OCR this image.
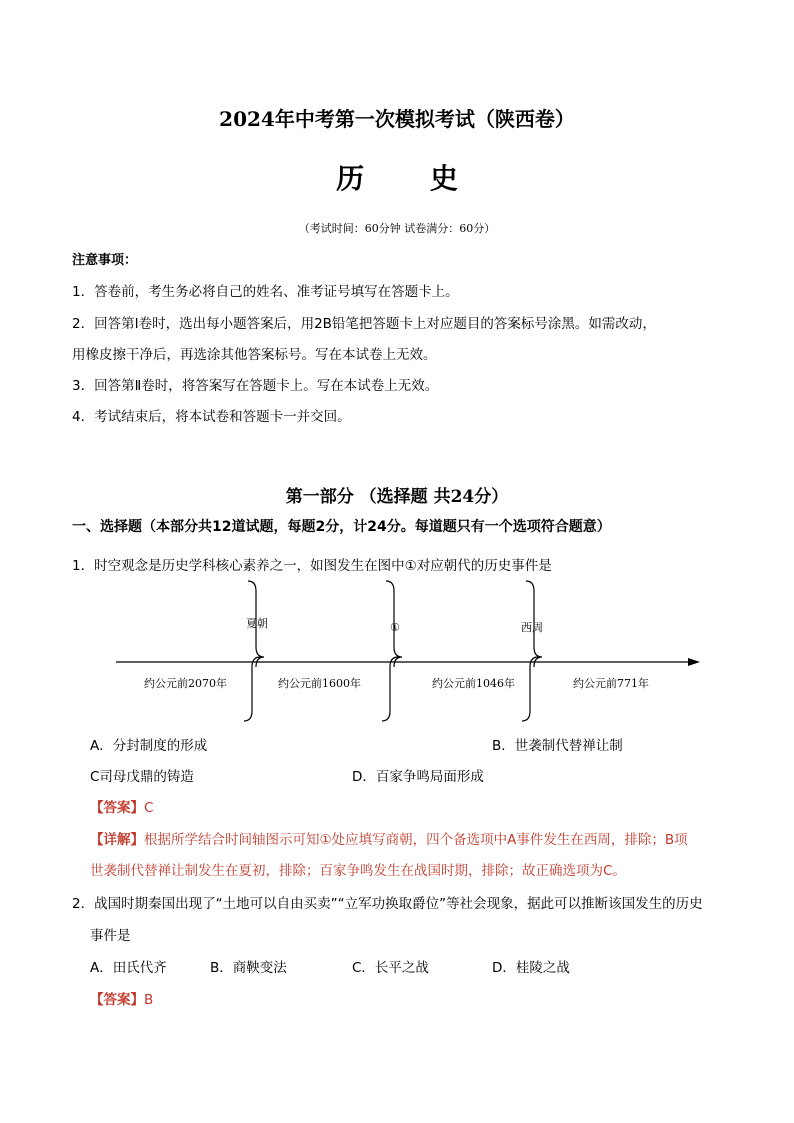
2024年中考第一次模拟考试（陕西卷）
历 史
（考试时间：60分钟 试卷满分：60分）
注意事项：
1．答卷前，考生务必将自己的姓名、准考证号填写在答题卡上。
2．回答第Ⅰ卷时，选出每小题答案后，用2B铅笔把答题卡上对应题目的答案标号涂黑。如需改动，
用橡皮擦干净后，再选涂其他答案标号。写在本试卷上无效。
3．回答第Ⅱ卷时，将答案写在答题卡上。写在本试卷上无效。
4．考试结束后，将本试卷和答题卡一并交回。
第一部分 （选择题 共24分）
一、选择题（本部分共12道试题，每题2分，计24分。每道题只有一个选项符合题意）
1．时空观念是历史学科核心素养之一，如图发生在图中①对应朝代的历史事件是
夏朝	①	西周
约公元前2070年	约公元前1600年	约公元前1046年	约公元前771年
A．分封制度的形成	B．世袭制代替禅让制
C司母戊鼎的铸造	D．百家争鸣局面形成
【答案】C
【详解】根据所学结合时间轴图示可知①处应填写商朝，四个备选项中A事件发生在西周，排除；B项
世袭制代替禅让制发生在夏初，排除；百家争鸣发生在战国时期，排除；故正确选项为C。
2．战国时期秦国出现了“土地可以自由买卖”“立军功换取爵位”等社会现象，据此可以推断该国发生的历史
事件是
A．田氏代齐	B．商鞅变法	C．长平之战	D．桂陵之战
【答案】B
